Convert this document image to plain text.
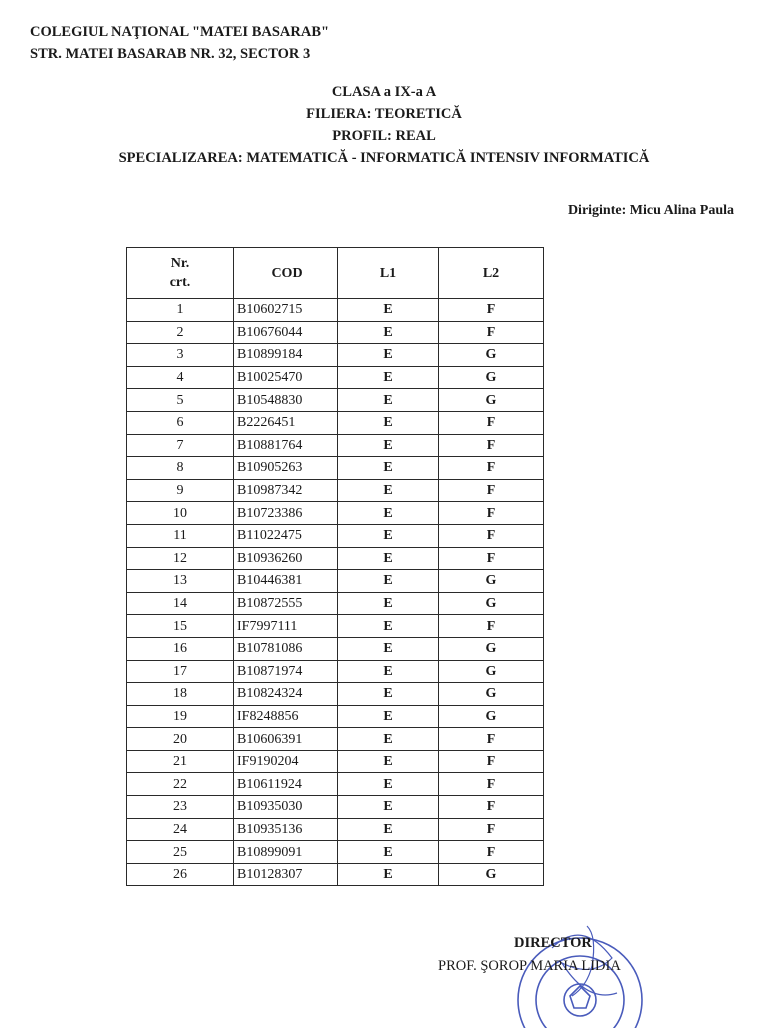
COLEGIUL NAŢIONAL "MATEI BASARAB"
STR. MATEI BASARAB NR. 32, SECTOR 3
CLASA a IX-a A
FILIERA: TEORETICĂ
PROFIL: REAL
SPECIALIZAREA: MATEMATICĂ - INFORMATICĂ INTENSIV INFORMATICĂ
Diriginte: Micu Alina Paula
Nr.
crt.	COD	L1	L2
1	B10602715	E	F
2	B10676044	E	F
3	B10899184	E	G
4	B10025470	E	G
5	B10548830	E	G
6	B2226451	E	F
7	B10881764	E	F
8	B10905263	E	F
9	B10987342	E	F
10	B10723386	E	F
11	B11022475	E	F
12	B10936260	E	F
13	B10446381	E	G
14	B10872555	E	G
15	IF7997111	E	F
16	B10781086	E	G
17	B10871974	E	G
18	B10824324	E	G
19	IF8248856	E	G
20	B10606391	E	F
21	IF9190204	E	F
22	B10611924	E	F
23	B10935030	E	F
24	B10935136	E	F
25	B10899091	E	F
26	B10128307	E	G
DIRECTOR
PROF. ŞOROP MARIA LIDIA
